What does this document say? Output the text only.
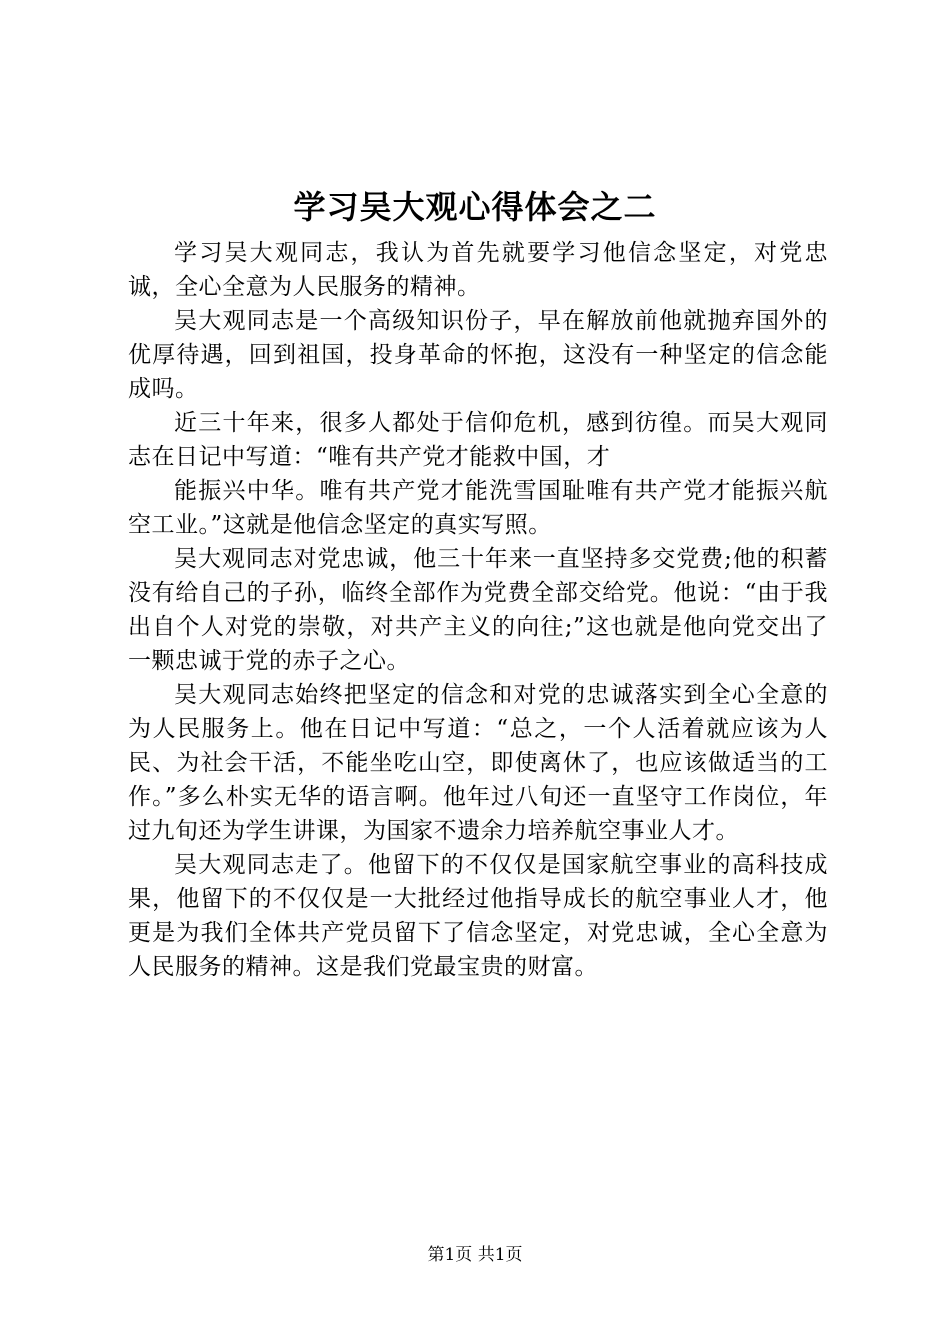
学习吴大观心得体会之二

学习吴大观同志，我认为首先就要学习他信念坚定，对党忠诚，全心全意为人民服务的精神。

吴大观同志是一个高级知识份子，早在解放前他就抛弃国外的优厚待遇，回到祖国，投身革命的怀抱，这没有一种坚定的信念能成吗。

近三十年来，很多人都处于信仰危机，感到彷徨。而吴大观同志在日记中写道：“唯有共产党才能救中国，才

能振兴中华。唯有共产党才能洗雪国耻唯有共产党才能振兴航空工业。”这就是他信念坚定的真实写照。

吴大观同志对党忠诚，他三十年来一直坚持多交党费;他的积蓄没有给自己的子孙，临终全部作为党费全部交给党。他说：“由于我出自个人对党的崇敬，对共产主义的向往;”这也就是他向党交出了一颗忠诚于党的赤子之心。

吴大观同志始终把坚定的信念和对党的忠诚落实到全心全意的为人民服务上。他在日记中写道：“总之，一个人活着就应该为人民、为社会干活，不能坐吃山空，即使离休了，也应该做适当的工作。”多么朴实无华的语言啊。他年过八旬还一直坚守工作岗位，年过九旬还为学生讲课，为国家不遗余力培养航空事业人才。

吴大观同志走了。他留下的不仅仅是国家航空事业的高科技成果，他留下的不仅仅是一大批经过他指导成长的航空事业人才，他更是为我们全体共产党员留下了信念坚定，对党忠诚，全心全意为人民服务的精神。这是我们党最宝贵的财富。

第1页 共1页
